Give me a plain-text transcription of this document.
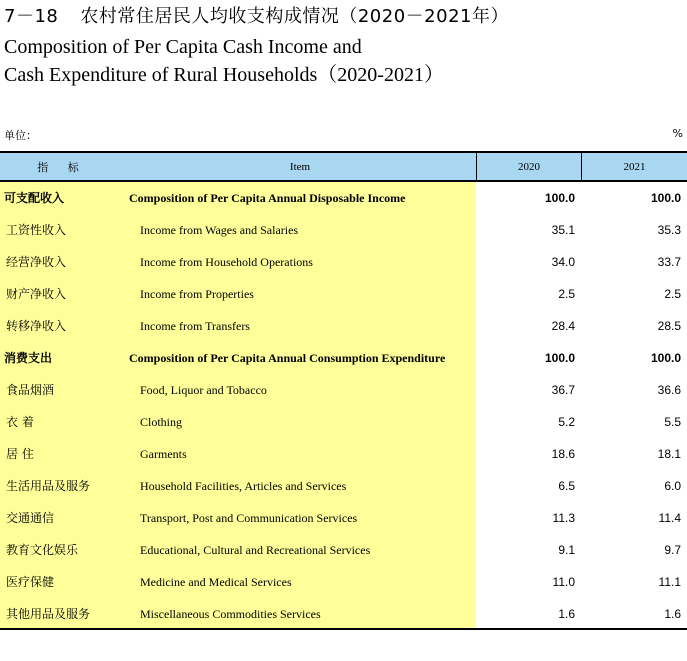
7－18 农村常住居民人均收支构成情况（2020－2021年）
Composition of Per Capita Cash Income and
Cash Expenditure of Rural Households（2020-2021）
单位：	%
指 标	Item	2020	2021
可支配收入	Composition of Per Capita Annual Disposable Income	100.0	100.0
工资性收入	Income from Wages and Salaries	35.1	35.3
经营净收入	Income from Household Operations	34.0	33.7
财产净收入	Income from Properties	2.5	2.5
转移净收入	Income from Transfers	28.4	28.5
消费支出	Composition of Per Capita Annual Consumption Expenditure	100.0	100.0
食品烟酒	Food, Liquor and Tobacco	36.7	36.6
衣 着	Clothing	5.2	5.5
居 住	Garments	18.6	18.1
生活用品及服务	Household Facilities, Articles and Services	6.5	6.0
交通通信	Transport, Post and Communication Services	11.3	11.4
教育文化娱乐	Educational, Cultural and Recreational Services	9.1	9.7
医疗保健	Medicine and Medical Services	11.0	11.1
其他用品及服务	Miscellaneous Commodities Services	1.6	1.6
